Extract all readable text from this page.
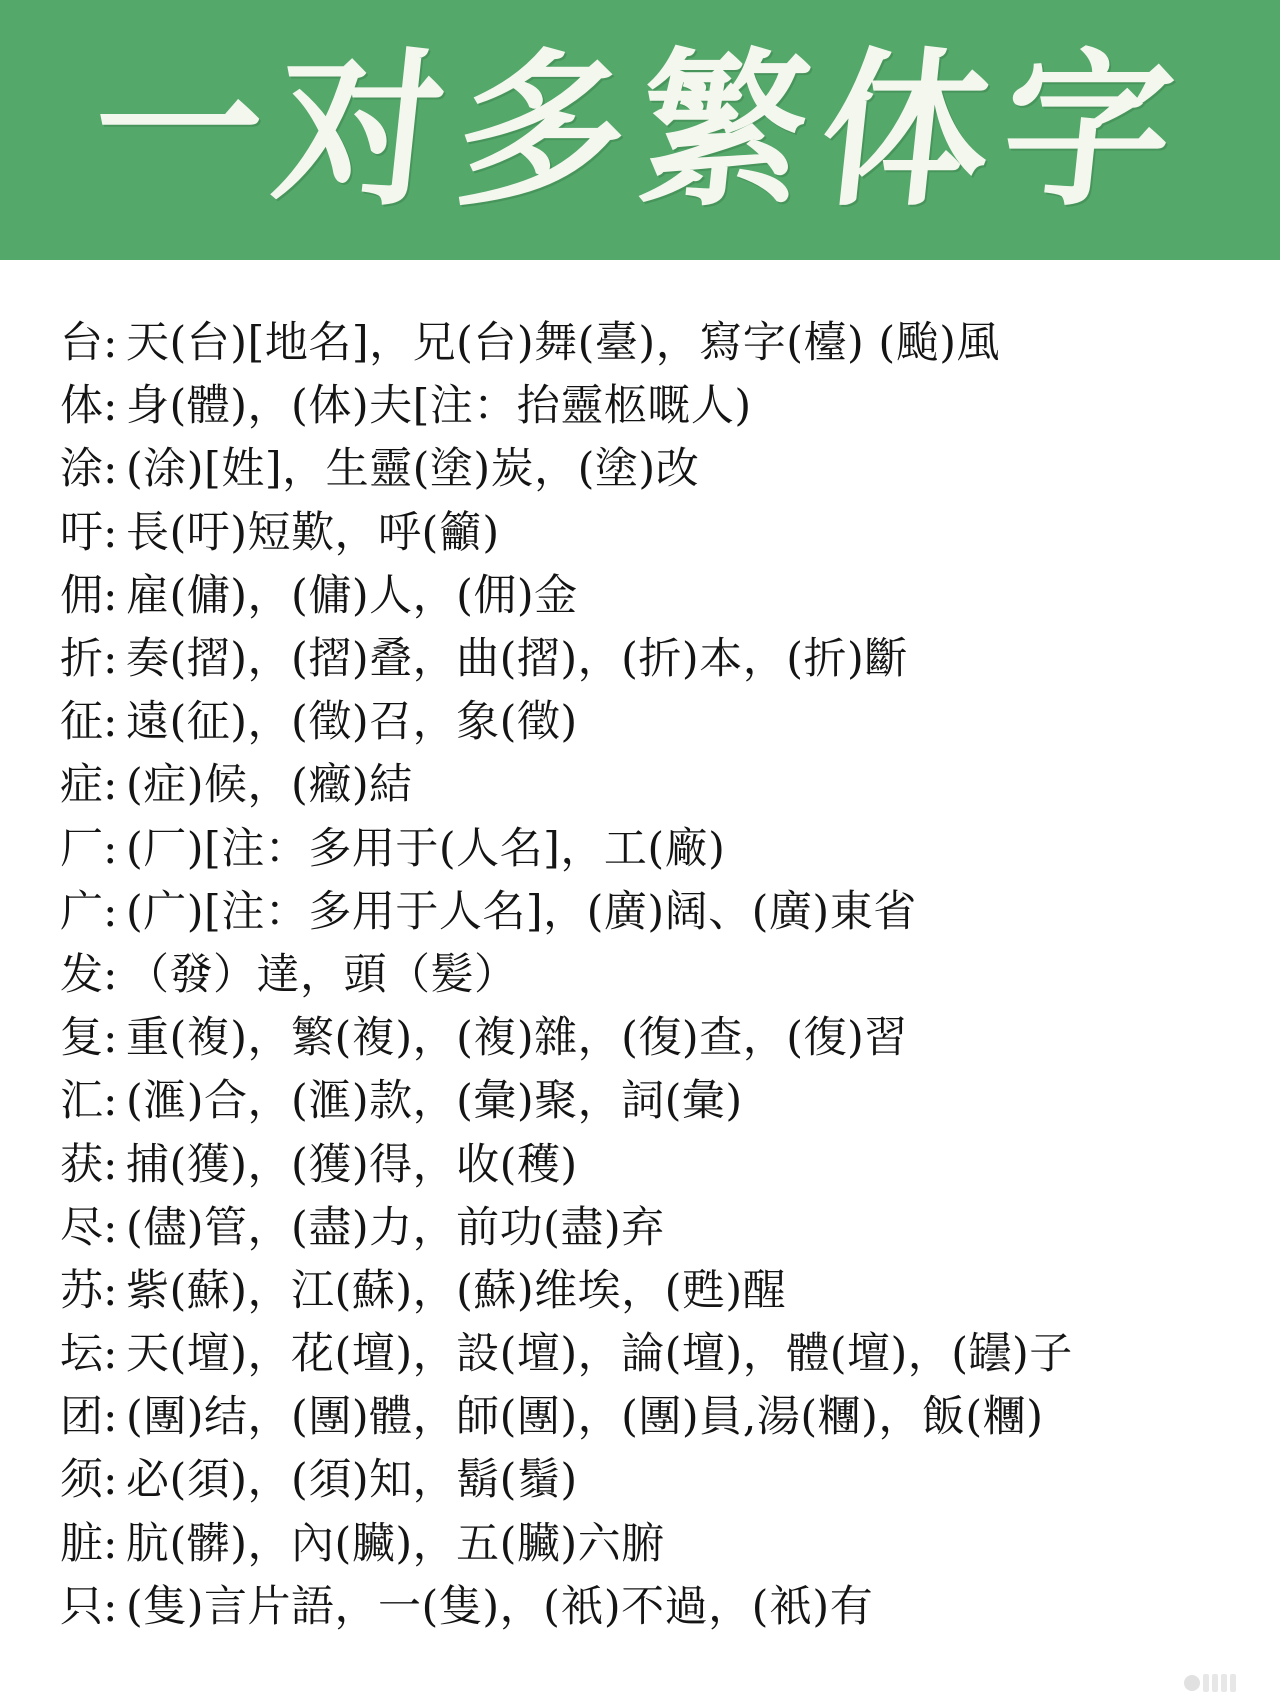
一对多繁体字
台: 天(台)[地名]，兄(台)舞(臺)，寫字(檯) (颱)風
体: 身(體)，(体)夫[注：抬靈柩嘅人)
涂: (涂)[姓]，生靈(塗)炭，(塗)改
吁: 長(吁)短歎，呼(籲)
佣: 雇(傭)，(傭)人，(佣)金
折: 奏(摺)，(摺)叠，曲(摺)，(折)本，(折)斷
征: 遠(征)，(徵)召，象(徵)
症: (症)候，(癥)結
厂: (厂)[注：多用于(人名]，工(廠)
广: (广)[注：多用于人名]，(廣)阔、(廣)東省
发: （發）達，頭（髪）
复: 重(複)，繁(複)，(複)雜，(復)查，(復)習
汇: (滙)合，(滙)款，(彙)聚，詞(彙)
获: 捕(獲)，(獲)得，收(穫)
尽: (儘)管，(盡)力，前功(盡)弃
苏: 紫(蘇)，江(蘇)，(蘇)维埃，(甦)醒
坛: 天(壇)，花(壇)，設(壇)，論(壇)，體(壇)，(罎)子
团: (團)结，(團)體，師(團)，(團)員,湯(糰)，飯(糰)
须: 必(須)，(須)知，鬍(鬚)
脏: 肮(髒)，內(臟)，五(臟)六腑
只: (隻)言片語，一(隻)，(衹)不過，(衹)有
